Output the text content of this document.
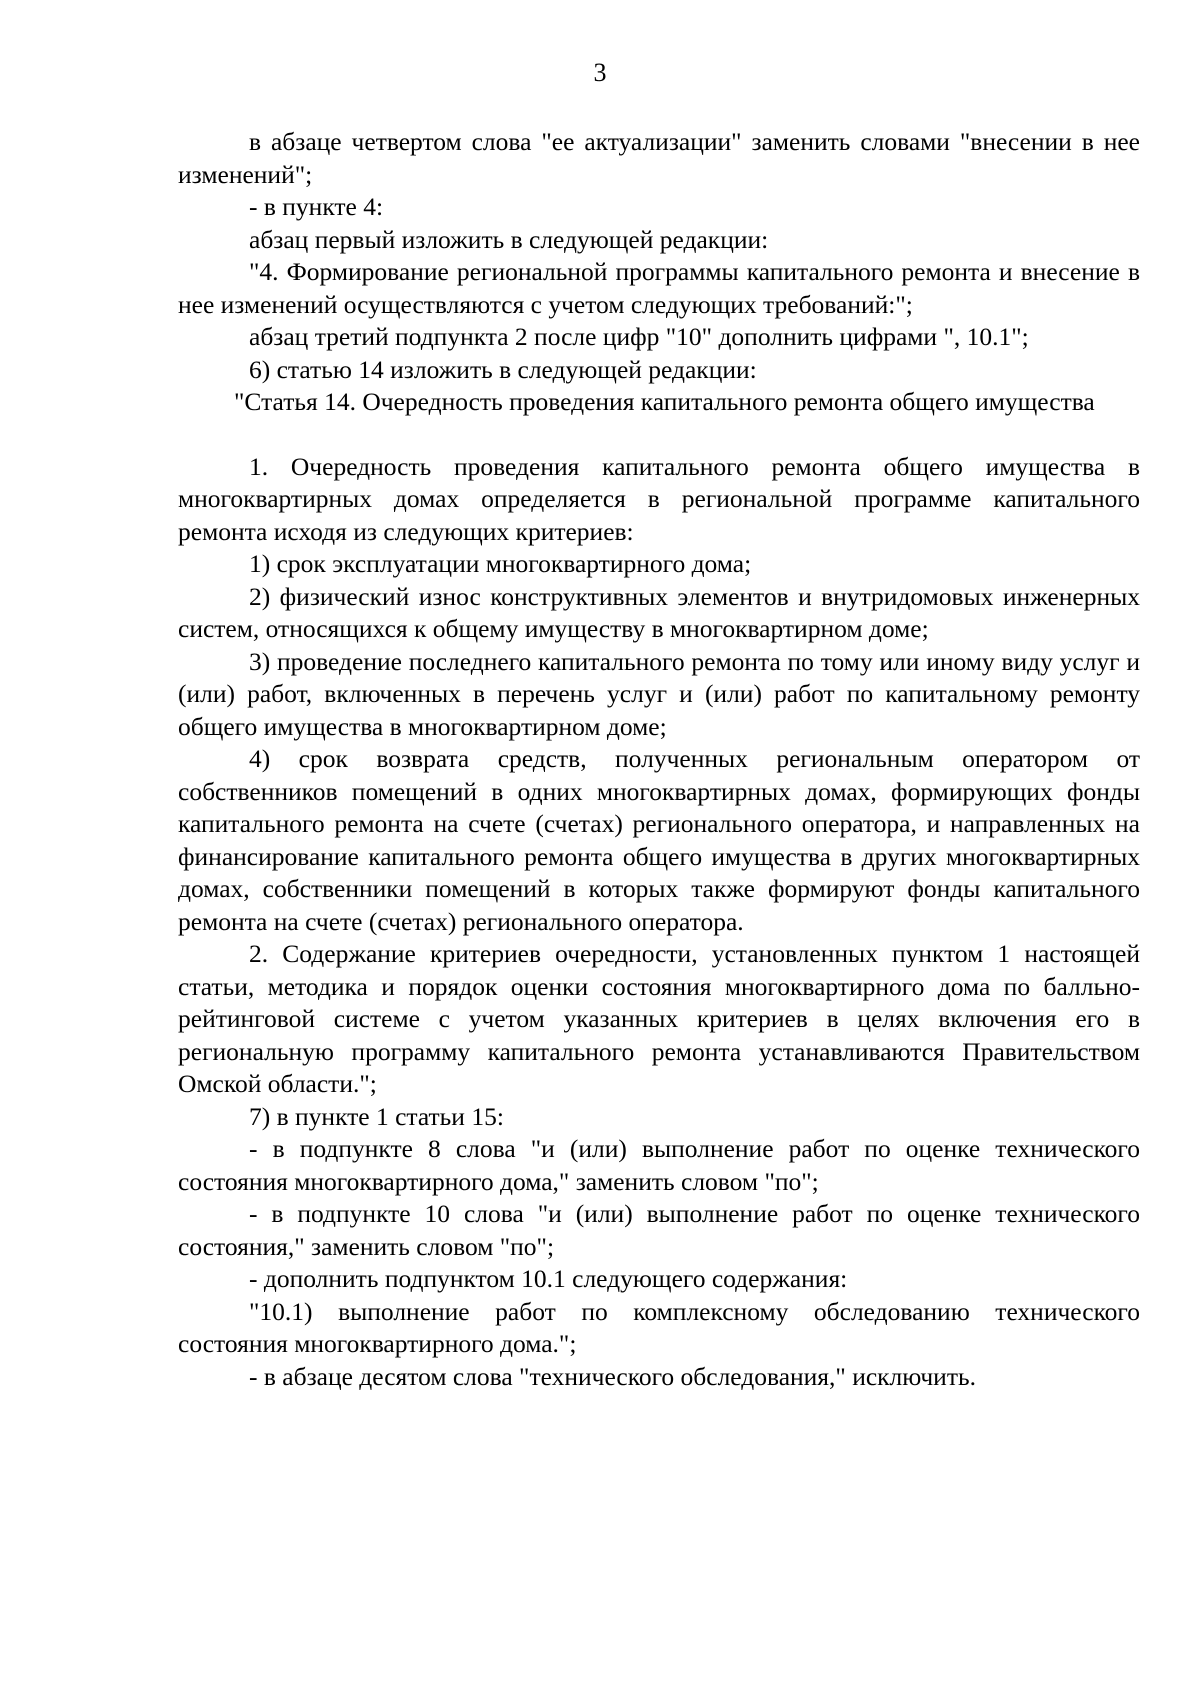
3

в абзаце четвертом слова "ее актуализации" заменить словами "внесении в нее изменений";

- в пункте 4:

абзац первый изложить в следующей редакции:

"4. Формирование региональной программы капитального ремонта и внесение в нее изменений осуществляются с учетом следующих требований:";

абзац третий подпункта 2 после цифр "10" дополнить цифрами ", 10.1";

6) статью 14 изложить в следующей редакции:

"Статья 14. Очередность проведения капитального ремонта общего имущества

1. Очередность проведения капитального ремонта общего имущества в многоквартирных домах определяется в региональной программе капитального ремонта исходя из следующих критериев:

1) срок эксплуатации многоквартирного дома;

2) физический износ конструктивных элементов и внутридомовых инженерных систем, относящихся к общему имуществу в многоквартирном доме;

3) проведение последнего капитального ремонта по тому или иному виду услуг и (или) работ, включенных в перечень услуг и (или) работ по капитальному ремонту общего имущества в многоквартирном доме;

4) срок возврата средств, полученных региональным оператором от собственников помещений в одних многоквартирных домах, формирующих фонды капитального ремонта на счете (счетах) регионального оператора, и направленных на финансирование капитального ремонта общего имущества в других многоквартирных домах, собственники помещений в которых также формируют фонды капитального ремонта на счете (счетах) регионального оператора.

2. Содержание критериев очередности, установленных пунктом 1 настоящей статьи, методика и порядок оценки состояния многоквартирного дома по балльно-рейтинговой системе с учетом указанных критериев в целях включения его в региональную программу капитального ремонта устанавливаются Правительством Омской области.";

7) в пункте 1 статьи 15:

- в подпункте 8 слова "и (или) выполнение работ по оценке технического состояния многоквартирного дома," заменить словом "по";

- в подпункте 10 слова "и (или) выполнение работ по оценке технического состояния," заменить словом "по";

- дополнить подпунктом 10.1 следующего содержания:

"10.1) выполнение работ по комплексному обследованию технического состояния многоквартирного дома.";

- в абзаце десятом слова "технического обследования," исключить.
